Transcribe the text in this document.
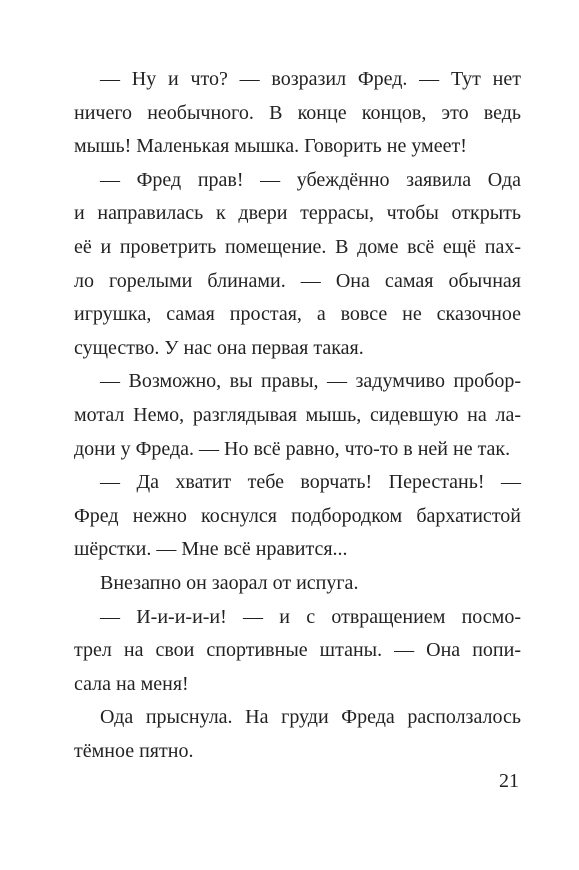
— Ну и что? — возразил Фред. — Тут нет
ничего необычного. В конце концов, это ведь
мышь! Маленькая мышка. Говорить не умеет!
— Фред прав! — убеждённо заявила Ода
и направилась к двери террасы, чтобы открыть
её и проветрить помещение. В доме всё ещё пах-
ло горелыми блинами. — Она самая обычная
игрушка, самая простая, а вовсе не сказочное
существо. У нас она первая такая.
— Возможно, вы правы, — задумчиво пробор-
мотал Немо, разглядывая мышь, сидевшую на ла-
дони у Фреда. — Но всё равно, что-то в ней не так.
— Да хватит тебе ворчать! Перестань! —
Фред нежно коснулся подбородком бархатистой
шёрстки. — Мне всё нравится...
Внезапно он заорал от испуга.
— И-и-и-и-и! — и с отвращением посмо-
трел на свои спортивные штаны. — Она попи-
сала на меня!
Ода прыснула. На груди Фреда расползалось
тёмное пятно.
21
